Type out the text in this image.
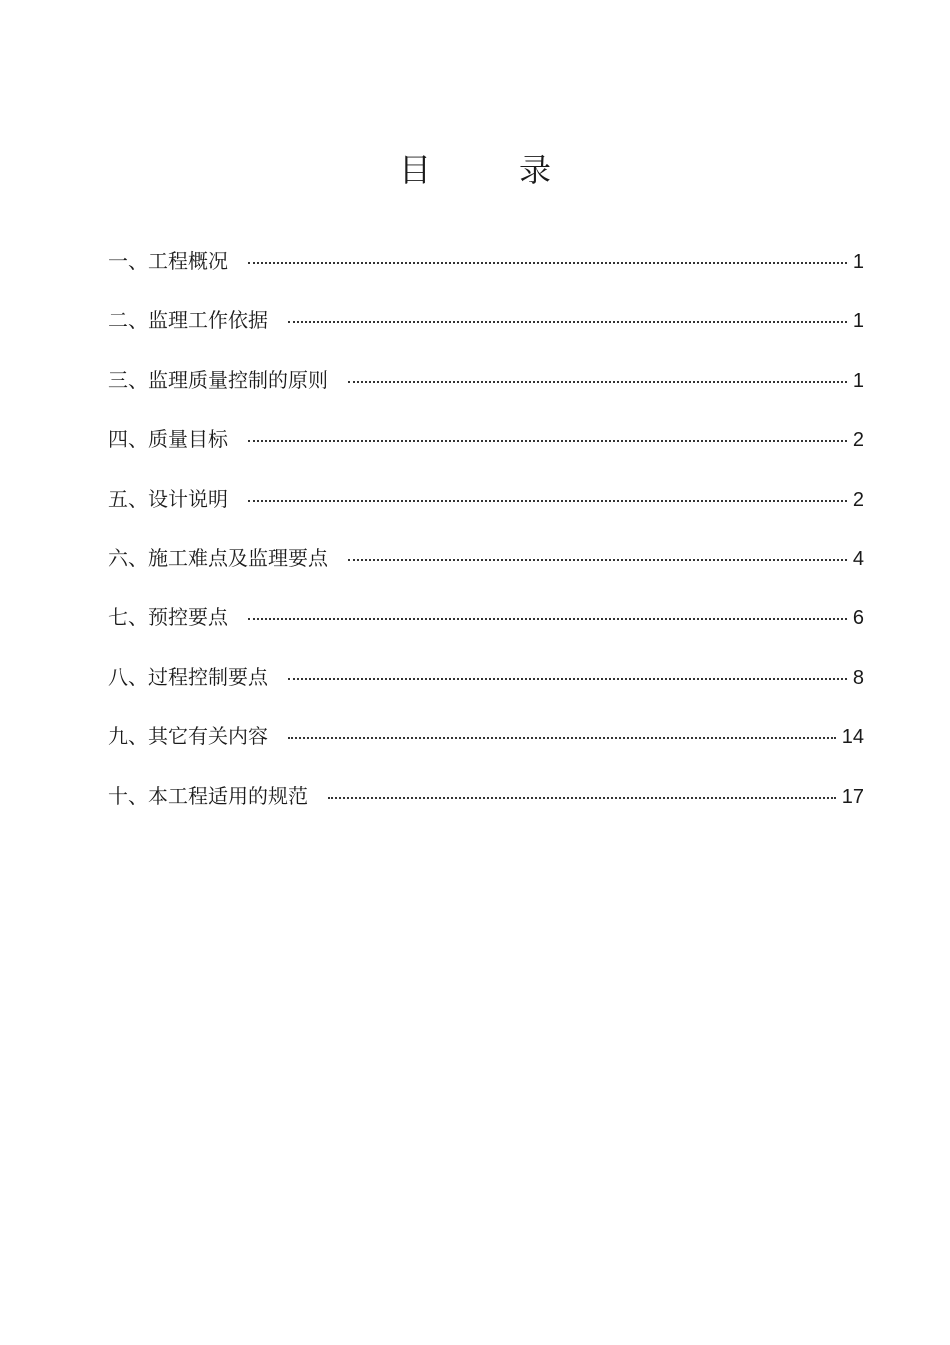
目	录
一、工程概况	1
二、监理工作依据	1
三、监理质量控制的原则	1
四、质量目标	2
五、设计说明	2
六、施工难点及监理要点	4
七、预控要点	6
八、过程控制要点	8
九、其它有关内容	14
十、本工程适用的规范	17
